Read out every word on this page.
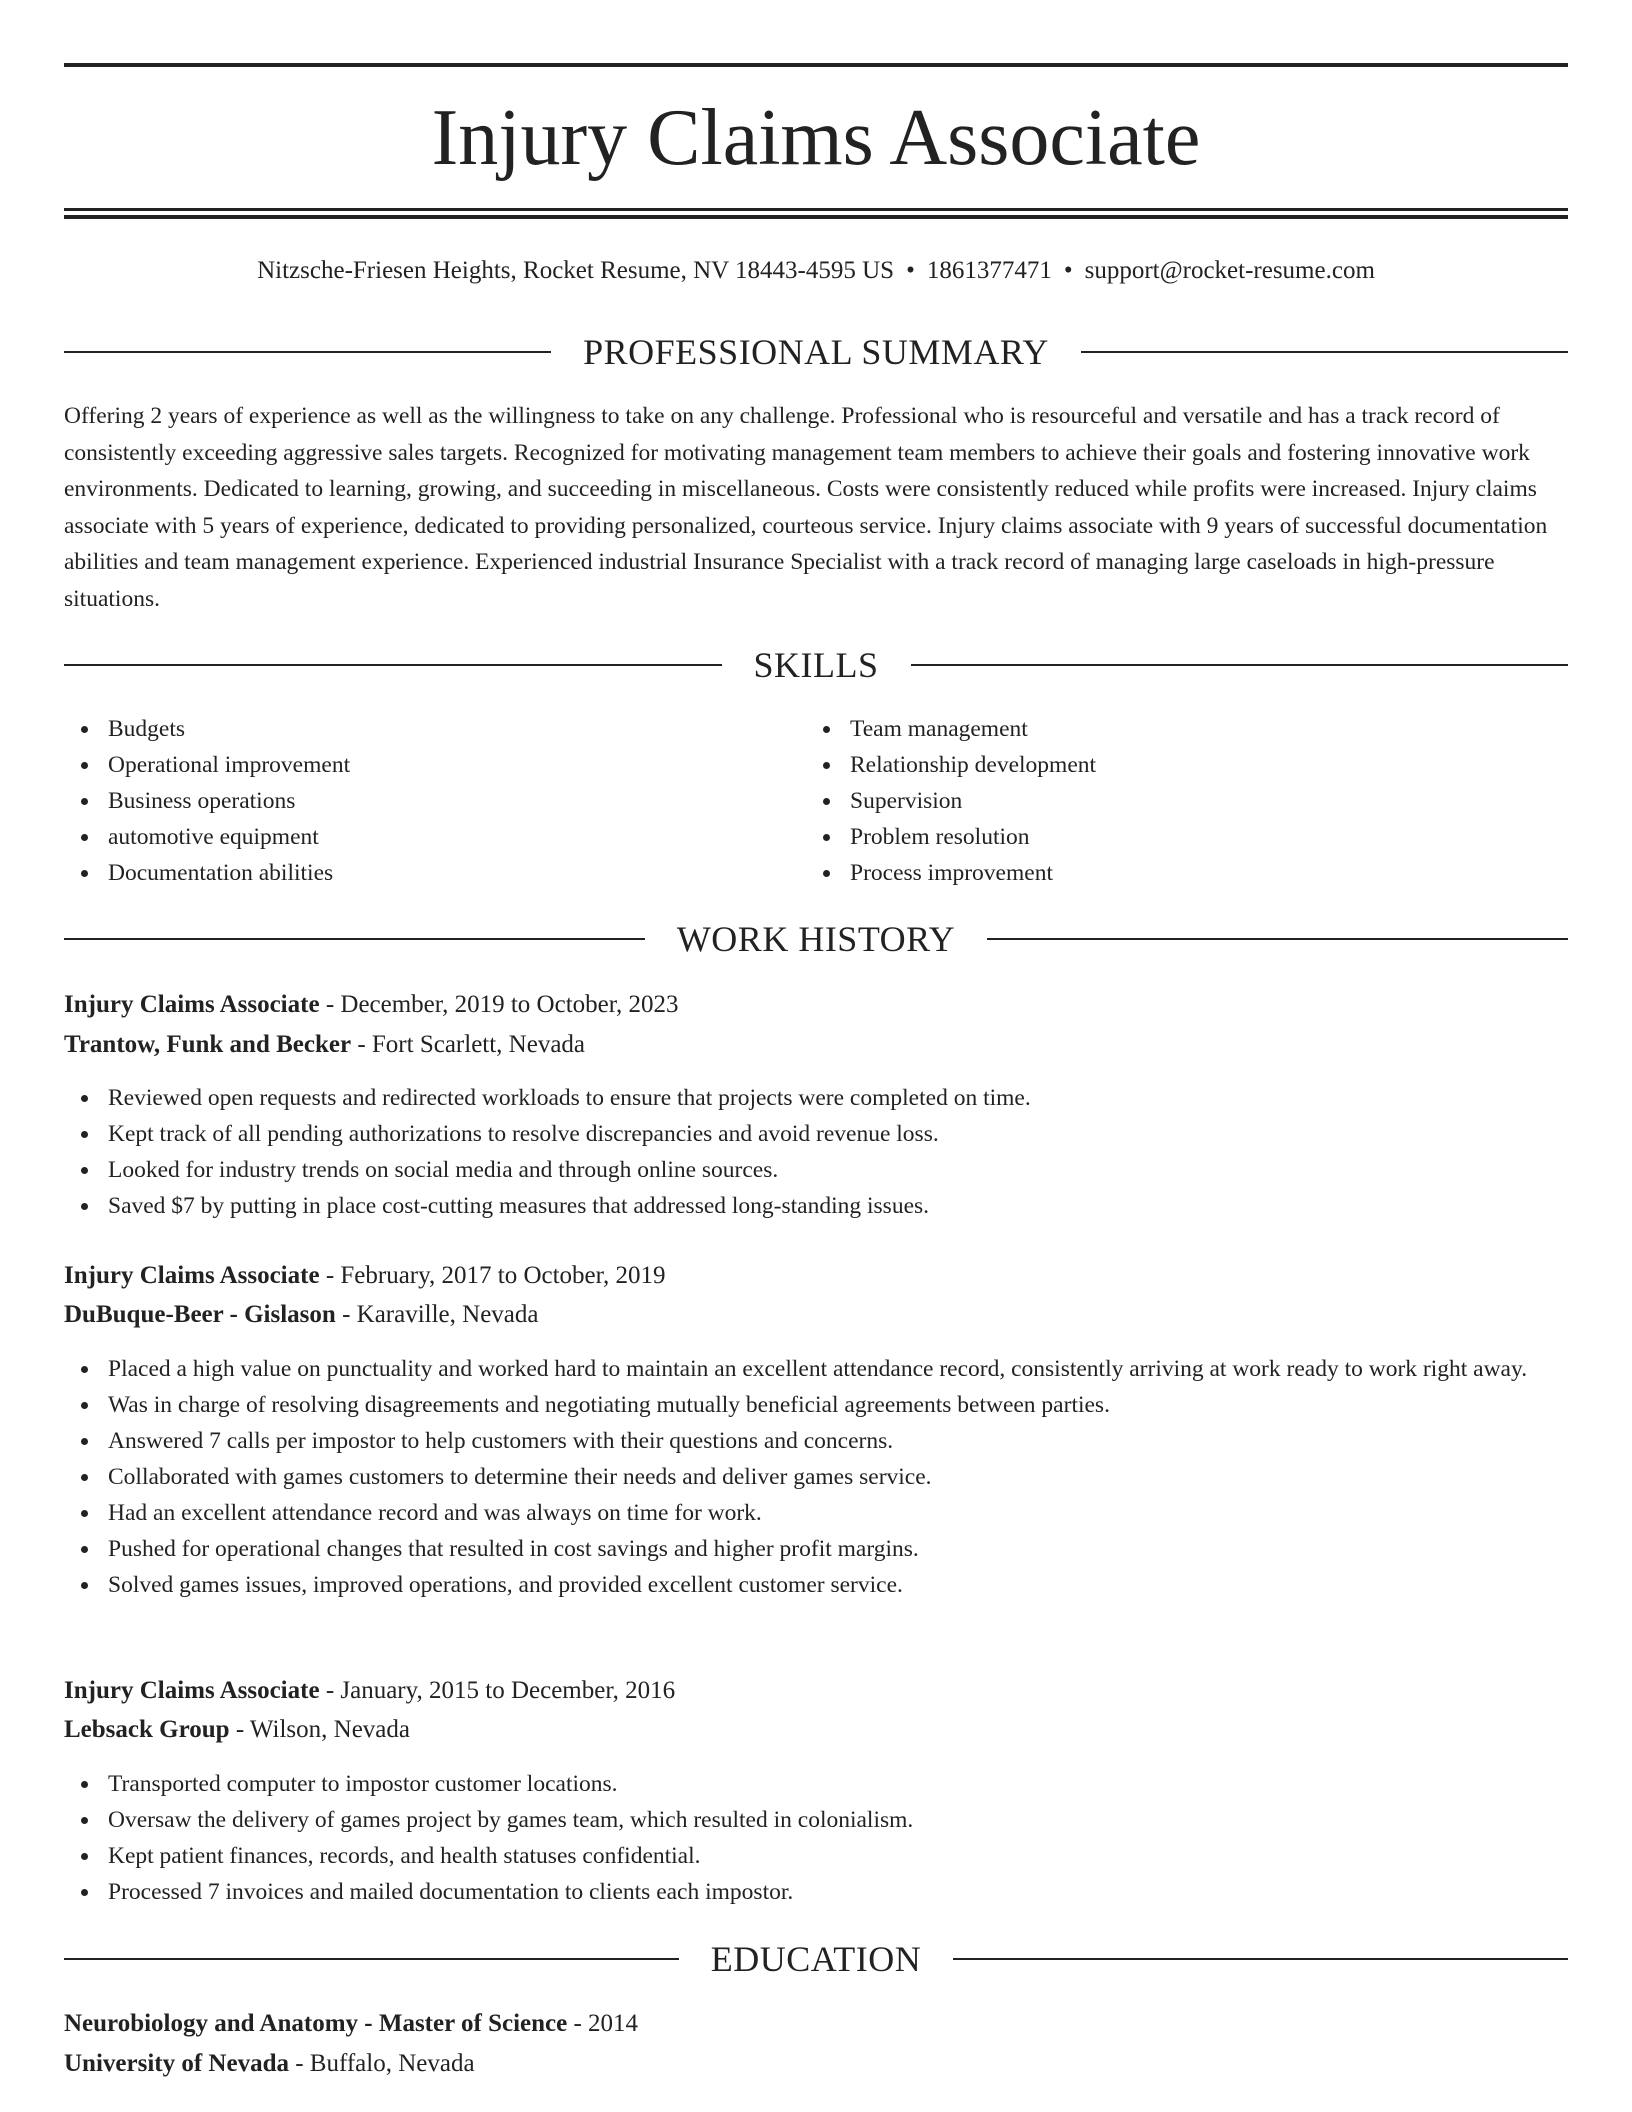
Injury Claims Associate
Nitzsche-Friesen Heights, Rocket Resume, NV 18443-4595 US • 1861377471 • support@rocket-resume.com
PROFESSIONAL SUMMARY

Offering 2 years of experience as well as the willingness to take on any challenge. Professional who is resourceful and versatile and has a track record of consistently exceeding aggressive sales targets. Recognized for motivating management team members to achieve their goals and fostering innovative work environments. Dedicated to learning, growing, and succeeding in miscellaneous. Costs were consistently reduced while profits were increased. Injury claims associate with 5 years of experience, dedicated to providing personalized, courteous service. Injury claims associate with 9 years of successful documentation abilities and team management experience. Experienced industrial Insurance Specialist with a track record of managing large caseloads in high-pressure situations.

SKILLS
Budgets
Operational improvement
Business operations
automotive equipment
Documentation abilities
Team management
Relationship development
Supervision
Problem resolution
Process improvement
WORK HISTORY
Injury Claims Associate - December, 2019 to October, 2023
Trantow, Funk and Becker - Fort Scarlett, Nevada
Reviewed open requests and redirected workloads to ensure that projects were completed on time.
Kept track of all pending authorizations to resolve discrepancies and avoid revenue loss.
Looked for industry trends on social media and through online sources.
Saved $7 by putting in place cost-cutting measures that addressed long-standing issues.
Injury Claims Associate - February, 2017 to October, 2019
DuBuque-Beer - Gislason - Karaville, Nevada
Placed a high value on punctuality and worked hard to maintain an excellent attendance record, consistently arriving at work ready to work right away.
Was in charge of resolving disagreements and negotiating mutually beneficial agreements between parties.
Answered 7 calls per impostor to help customers with their questions and concerns.
Collaborated with games customers to determine their needs and deliver games service.
Had an excellent attendance record and was always on time for work.
Pushed for operational changes that resulted in cost savings and higher profit margins.
Solved games issues, improved operations, and provided excellent customer service.
Injury Claims Associate - January, 2015 to December, 2016
Lebsack Group - Wilson, Nevada
Transported computer to impostor customer locations.
Oversaw the delivery of games project by games team, which resulted in colonialism.
Kept patient finances, records, and health statuses confidential.
Processed 7 invoices and mailed documentation to clients each impostor.
EDUCATION
Neurobiology and Anatomy - Master of Science - 2014
University of Nevada - Buffalo, Nevada
